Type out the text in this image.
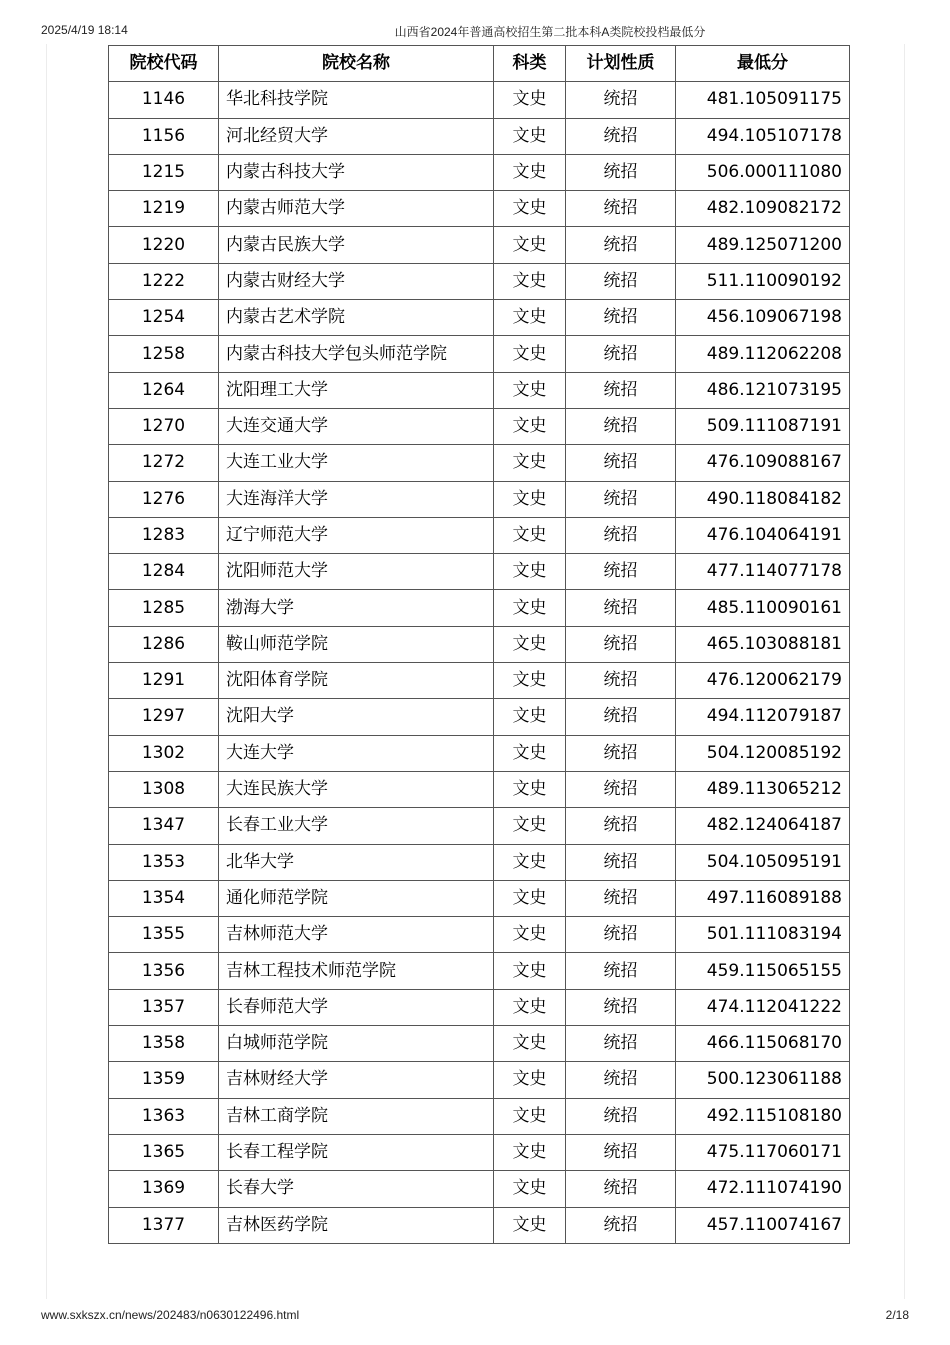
2025/4/19 18:14	山西省2024年普通高校招生第二批本科A类院校投档最低分
院校代码	院校名称	科类	计划性质	最低分
1146	华北科技学院	文史	统招	481.105091175
1156	河北经贸大学	文史	统招	494.105107178
1215	内蒙古科技大学	文史	统招	506.000111080
1219	内蒙古师范大学	文史	统招	482.109082172
1220	内蒙古民族大学	文史	统招	489.125071200
1222	内蒙古财经大学	文史	统招	511.110090192
1254	内蒙古艺术学院	文史	统招	456.109067198
1258	内蒙古科技大学包头师范学院	文史	统招	489.112062208
1264	沈阳理工大学	文史	统招	486.121073195
1270	大连交通大学	文史	统招	509.111087191
1272	大连工业大学	文史	统招	476.109088167
1276	大连海洋大学	文史	统招	490.118084182
1283	辽宁师范大学	文史	统招	476.104064191
1284	沈阳师范大学	文史	统招	477.114077178
1285	渤海大学	文史	统招	485.110090161
1286	鞍山师范学院	文史	统招	465.103088181
1291	沈阳体育学院	文史	统招	476.120062179
1297	沈阳大学	文史	统招	494.112079187
1302	大连大学	文史	统招	504.120085192
1308	大连民族大学	文史	统招	489.113065212
1347	长春工业大学	文史	统招	482.124064187
1353	北华大学	文史	统招	504.105095191
1354	通化师范学院	文史	统招	497.116089188
1355	吉林师范大学	文史	统招	501.111083194
1356	吉林工程技术师范学院	文史	统招	459.115065155
1357	长春师范大学	文史	统招	474.112041222
1358	白城师范学院	文史	统招	466.115068170
1359	吉林财经大学	文史	统招	500.123061188
1363	吉林工商学院	文史	统招	492.115108180
1365	长春工程学院	文史	统招	475.117060171
1369	长春大学	文史	统招	472.111074190
1377	吉林医药学院	文史	统招	457.110074167
www.sxkszx.cn/news/202483/n0630122496.html	2/18
